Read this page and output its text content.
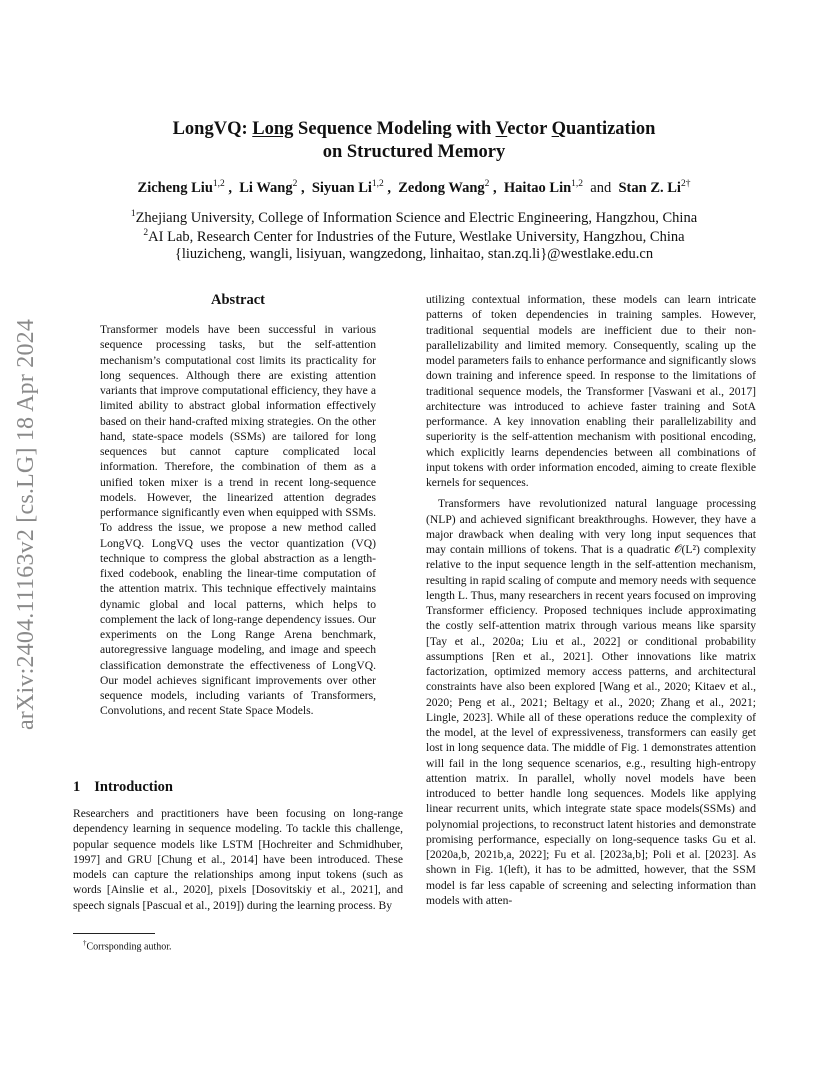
arXiv:2404.11163v2 [cs.LG] 18 Apr 2024
LongVQ: Long Sequence Modeling with Vector Quantization
on Structured Memory
Zicheng Liu$^{1,2}$ ,  Li Wang$^2$ ,  Siyuan Li$^{1,2}$ ,  Zedong Wang$^2$ ,  Haitao Lin$^{1,2}$ and Stan Z. $Li^{2\dagger}$
$^1$Zhejiang University, College of Information Science and Electric Engineering, Hangzhou, China
$^2$AI Lab, Research Center for Industries of the Future, Westlake University, Hangzhou, China
{liuzicheng, wangli, lisiyuan, wangzedong, linhaitao, stan.zq.li}@westlake.edu.cn
Abstract

Transformer models have been successful in various sequence processing tasks, but the self-attention mechanism’s computational cost limits its practicality for long sequences. Although there are existing attention variants that improve computational efficiency, they have a limited ability to abstract global information effectively based on their hand-crafted mixing strategies. On the other hand, state-space models (SSMs) are tailored for long sequences but cannot capture complicated local information. Therefore, the combination of them as a unified token mixer is a trend in recent long-sequence models. However, the linearized attention degrades performance significantly even when equipped with SSMs. To address the issue, we propose a new method called LongVQ. LongVQ uses the vector quantization (VQ) technique to compress the global abstraction as a length-fixed codebook, enabling the linear-time computation of the attention matrix. This technique effectively maintains dynamic global and local patterns, which helps to complement the lack of long-range dependency issues. Our experiments on the Long Range Arena benchmark, autoregressive language modeling, and image and speech classification demonstrate the effectiveness of LongVQ. Our model achieves significant improvements over other sequence models, including variants of Transformers, Convolutions, and recent State Space Models.

1 Introduction

Researchers and practitioners have been focusing on long-range dependency learning in sequence modeling. To tackle this challenge, popular sequence models like LSTM [Hochreiter and Schmidhuber, 1997] and GRU [Chung et al., 2014] have been introduced. These models can capture the relationships among input tokens (such as words [Ainslie et al., 2020], pixels [Dosovitskiy et al., 2021], and speech signals [Pascual et al., 2019]) during the learning process. By

†Corrsponding author.

utilizing contextual information, these models can learn intricate patterns of token dependencies in training samples. However, traditional sequential models are inefficient due to their non-parallelizability and limited memory. Consequently, scaling up the model parameters fails to enhance performance and significantly slows down training and inference speed. In response to the limitations of traditional sequence models, the Transformer [Vaswani et al., 2017] architecture was introduced to achieve faster training and SotA performance. A key innovation enabling their parallelizability and superiority is the self-attention mechanism with positional encoding, which explicitly learns dependencies between all combinations of input tokens with order information encoded, aiming to create flexible kernels for sequences.

Transformers have revolutionized natural language processing (NLP) and achieved significant breakthroughs. However, they have a major drawback when dealing with very long input sequences that may contain millions of tokens. That is a quadratic 𝒪(L²) complexity relative to the input sequence length in the self-attention mechanism, resulting in rapid scaling of compute and memory needs with sequence length L. Thus, many researchers in recent years focused on improving Transformer efficiency. Proposed techniques include approximating the costly self-attention matrix through various means like sparsity [Tay et al., 2020a; Liu et al., 2022] or conditional probability assumptions [Ren et al., 2021]. Other innovations like matrix factorization, optimized memory access patterns, and architectural constraints have also been explored [Wang et al., 2020; Kitaev et al., 2020; Peng et al., 2021; Beltagy et al., 2020; Zhang et al., 2021; Lingle, 2023]. While all of these operations reduce the complexity of the model, at the level of expressiveness, transformers can easily get lost in long sequence data. The middle of Fig. 1 demonstrates attention will fail in the long sequence scenarios, e.g., resulting high-entropy attention matrix. In parallel, wholly novel models have been introduced to better handle long sequences. Models like applying linear recurrent units, which integrate state space models(SSMs) and polynomial projections, to reconstruct latent histories and demonstrate promising performance, especially on long-sequence tasks Gu et al. [2020a,b, 2021b,a, 2022]; Fu et al. [2023a,b]; Poli et al. [2023]. As shown in Fig. 1(left), it has to be admitted, however, that the SSM model is far less capable of screening and selecting information than models with atten-
